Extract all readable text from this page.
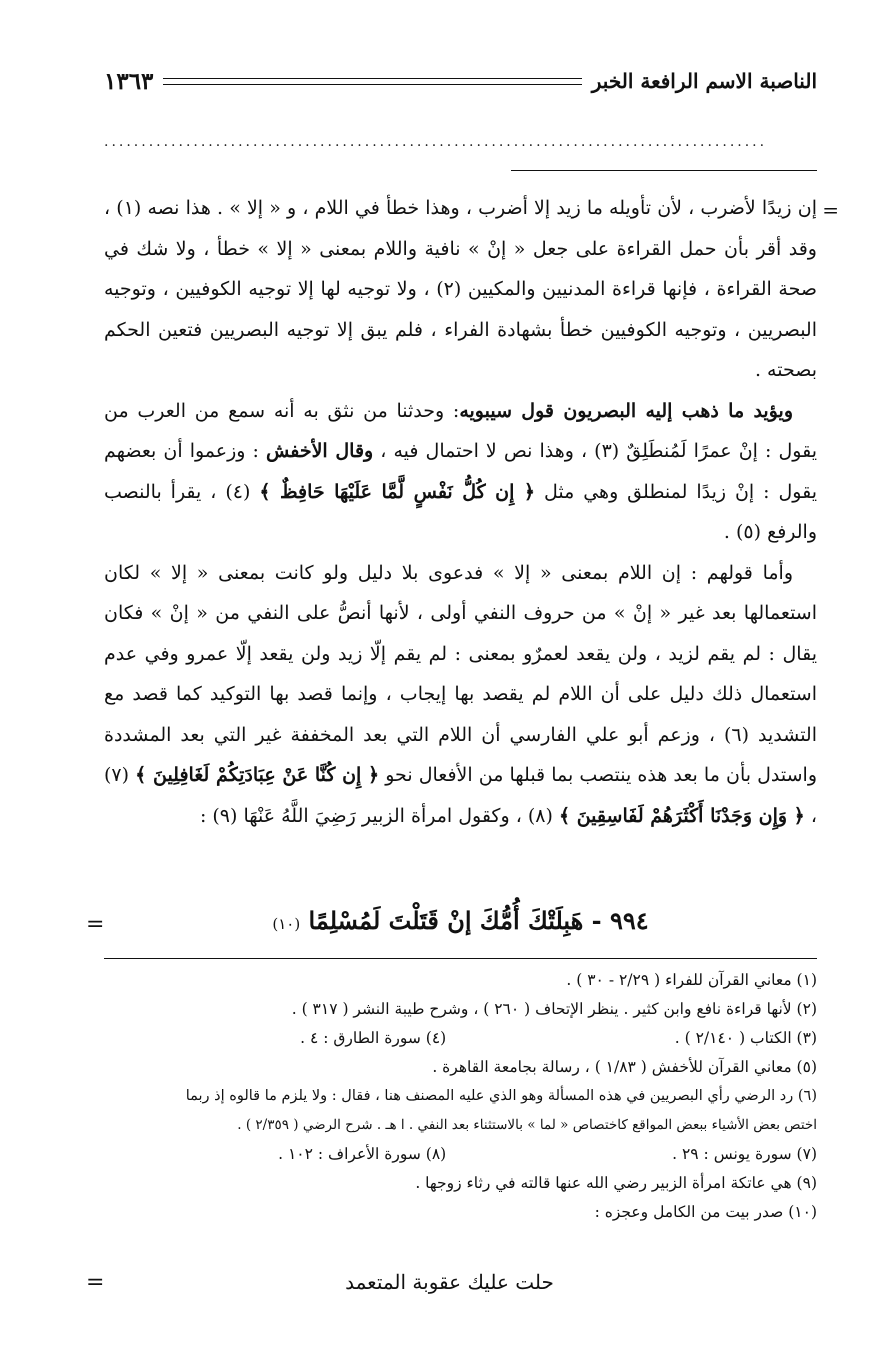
الناصبة الاسم الرافعة الخبر
١٣٦٣
.........................................................................................
=

إن زيدًا لأضرب ، لأن تأويله ما زيد إلا أضرب ، وهذا خطأ في اللام ، و « إلا » . هذا نصه (١) ، وقد أقر بأن حمل القراءة على جعل « إنْ » نافية واللام بمعنى « إلا » خطأ ، ولا شك في صحة القراءة ، فإنها قراءة المدنيين والمكيين (٢) ، ولا توجيه لها إلا توجيه الكوفيين ، وتوجيه البصريين ، وتوجيه الكوفيين خطأ بشهادة الفراء ، فلم يبق إلا توجيه البصريين فتعين الحكم بصحته .

ويؤيد ما ذهب إليه البصريون قول سيبويه: وحدثنا من نثق به أنه سمع من العرب من يقول : إنْ عمرًا لَمُنطَلِقٌ (٣) ، وهذا نص لا احتمال فيه ، وقال الأخفش : وزعموا أن بعضهم يقول : إنْ زيدًا لمنطلق وهي مثل ﴿ إِن كُلُّ نَفْسٍ لَّمَّا عَلَيْهَا حَافِظٌ ﴾ (٤) ، يقرأ بالنصب والرفع (٥) .

وأما قولهم : إن اللام بمعنى « إلا » فدعوى بلا دليل ولو كانت بمعنى « إلا » لكان استعمالها بعد غير « إنْ » من حروف النفي أولى ، لأنها أنصُّ على النفي من « إنْ » فكان يقال : لم يقم لزيد ، ولن يقعد لعمرٌو بمعنى : لم يقم إلّا زيد ولن يقعد إلّا عمرو وفي عدم استعمال ذلك دليل على أن اللام لم يقصد بها إيجاب ، وإنما قصد بها التوكيد كما قصد مع التشديد (٦) ، وزعم أبو علي الفارسي أن اللام التي بعد المخففة غير التي بعد المشددة واستدل بأن ما بعد هذه ينتصب بما قبلها من الأفعال نحو ﴿ إِن كُنَّا عَنْ عِبَادَتِكُمْ لَغَافِلِينَ ﴾ (٧) ، ﴿ وَإِن وَجَدْنَا أَكْثَرَهُمْ لَفَاسِقِينَ ﴾ (٨) ، وكقول امرأة الزبير رَضِيَ اللَّهُ عَنْهَا (٩) :

٩٩٤ - هَبِلَتْكَ أُمُّكَ إنْ قَتَلْتَ لَمُسْلِمًا (١٠)
=
(١) معاني القرآن للفراء ( ٢/٢٩ - ٣٠ ) .
(٢) لأنها قراءة نافع وابن كثير . ينظر الإتحاف ( ٢٦٠ ) ، وشرح طيبة النشر ( ٣١٧ ) .
(٣) الكتاب ( ٢/١٤٠ ) .
(٤) سورة الطارق : ٤ .
(٥) معاني القرآن للأخفش ( ١/٨٣ ) ، رسالة بجامعة القاهرة .
(٦) رد الرضي رأي البصريين في هذه المسألة وهو الذي عليه المصنف هنا ، فقال : ولا يلزم ما قالوه إذ ربما
اختص بعض الأشياء ببعض المواقع كاختصاص « لما » بالاستثناء بعد النفي . ا هـ . شرح الرضي ( ٢/٣٥٩ ) .
(٧) سورة يونس : ٢٩ .
(٨) سورة الأعراف : ١٠٢ .
(٩) هي عاتكة امرأة الزبير رضي الله عنها قالته في رثاء زوجها .
(١٠) صدر بيت من الكامل وعجزه :
حلت عليك عقوبة المتعمد
=
